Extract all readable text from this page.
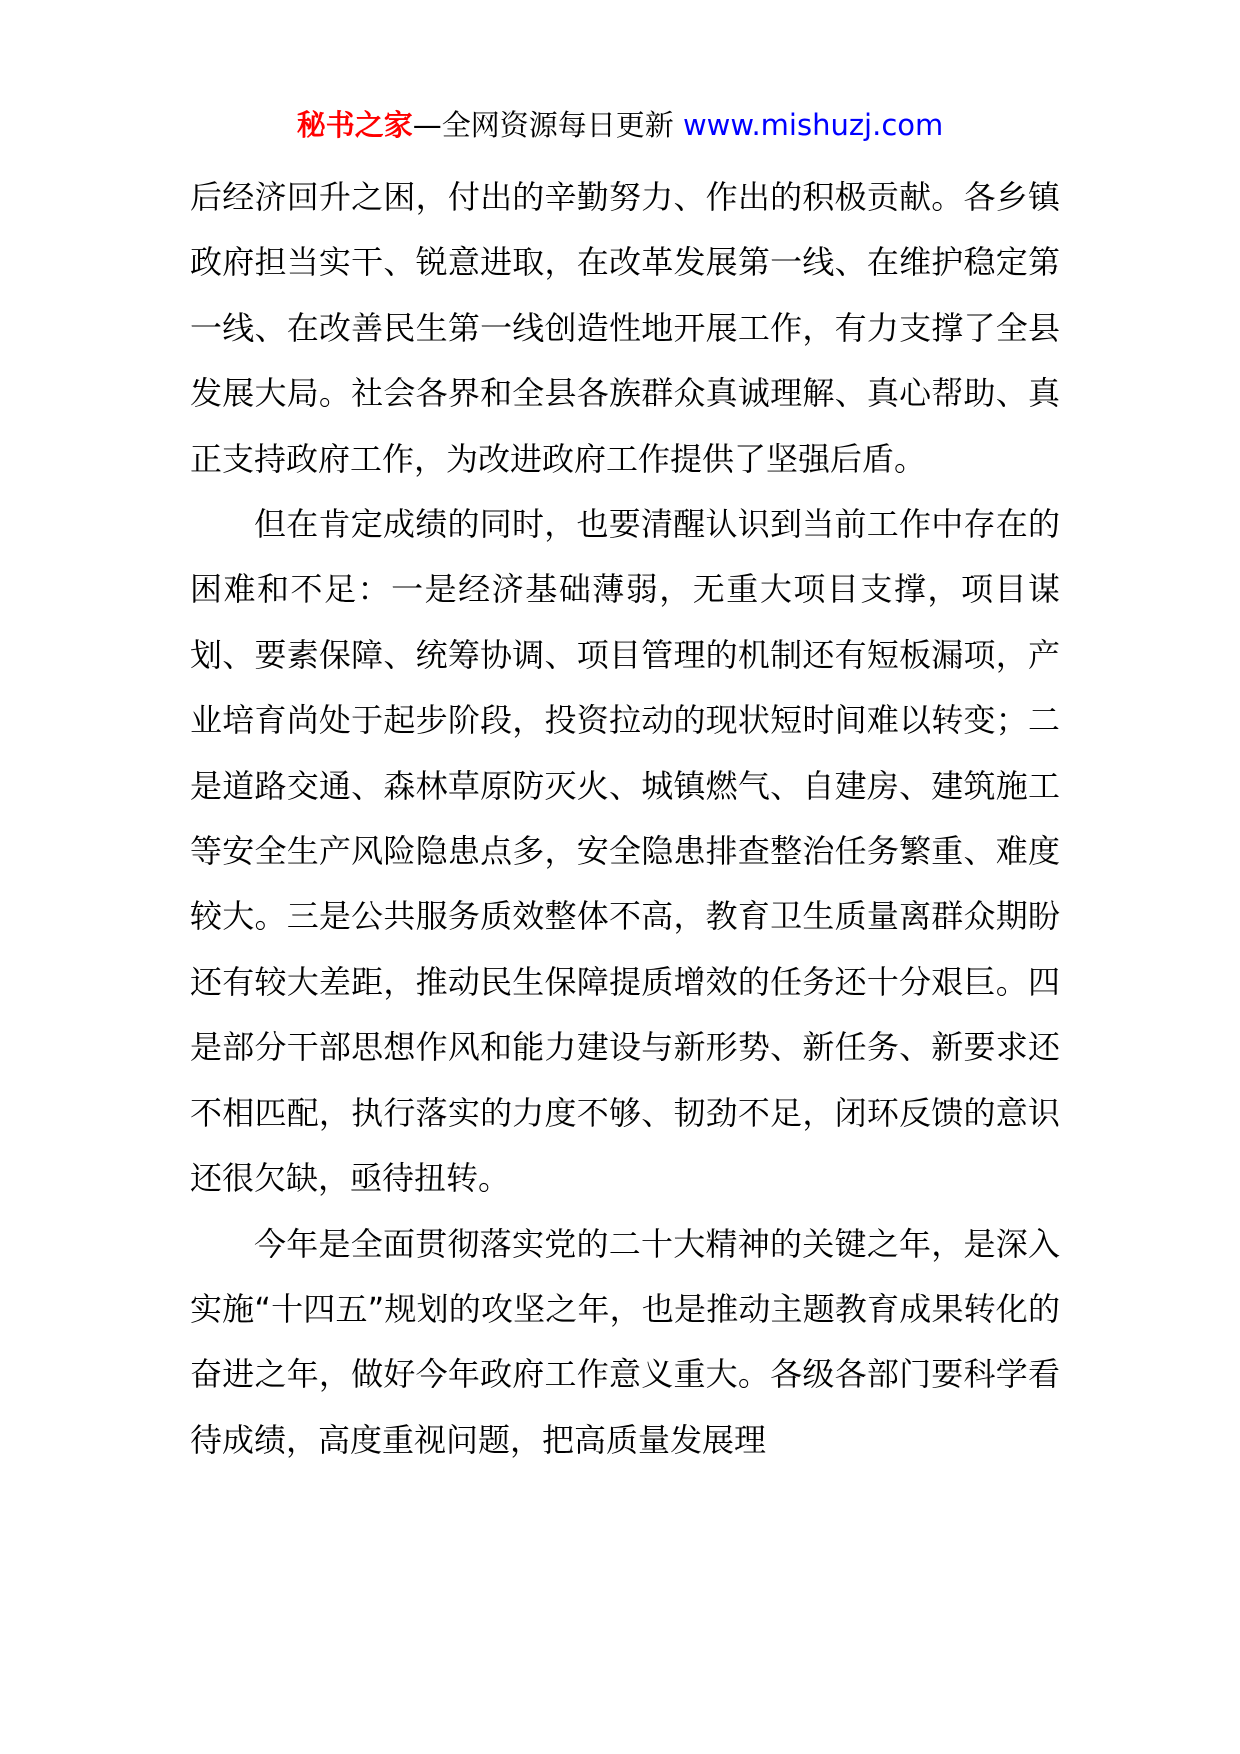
秘书之家—全网资源每日更新 www.mishuzj.com

后经济回升之困，付出的辛勤努力、作出的积极贡献。各乡镇政府担当实干、锐意进取，在改革发展第一线、在维护稳定第一线、在改善民生第一线创造性地开展工作，有力支撑了全县发展大局。社会各界和全县各族群众真诚理解、真心帮助、真正支持政府工作，为改进政府工作提供了坚强后盾。

但在肯定成绩的同时，也要清醒认识到当前工作中存在的困难和不足：一是经济基础薄弱，无重大项目支撑，项目谋划、要素保障、统筹协调、项目管理的机制还有短板漏项，产业培育尚处于起步阶段，投资拉动的现状短时间难以转变；二是道路交通、森林草原防灭火、城镇燃气、自建房、建筑施工等安全生产风险隐患点多，安全隐患排查整治任务繁重、难度较大。三是公共服务质效整体不高，教育卫生质量离群众期盼还有较大差距，推动民生保障提质增效的任务还十分艰巨。四是部分干部思想作风和能力建设与新形势、新任务、新要求还不相匹配，执行落实的力度不够、韧劲不足，闭环反馈的意识还很欠缺，亟待扭转。

今年是全面贯彻落实党的二十大精神的关键之年，是深入实施“十四五”规划的攻坚之年，也是推动主题教育成果转化的奋进之年，做好今年政府工作意义重大。各级各部门要科学看待成绩，高度重视问题，把高质量发展理
